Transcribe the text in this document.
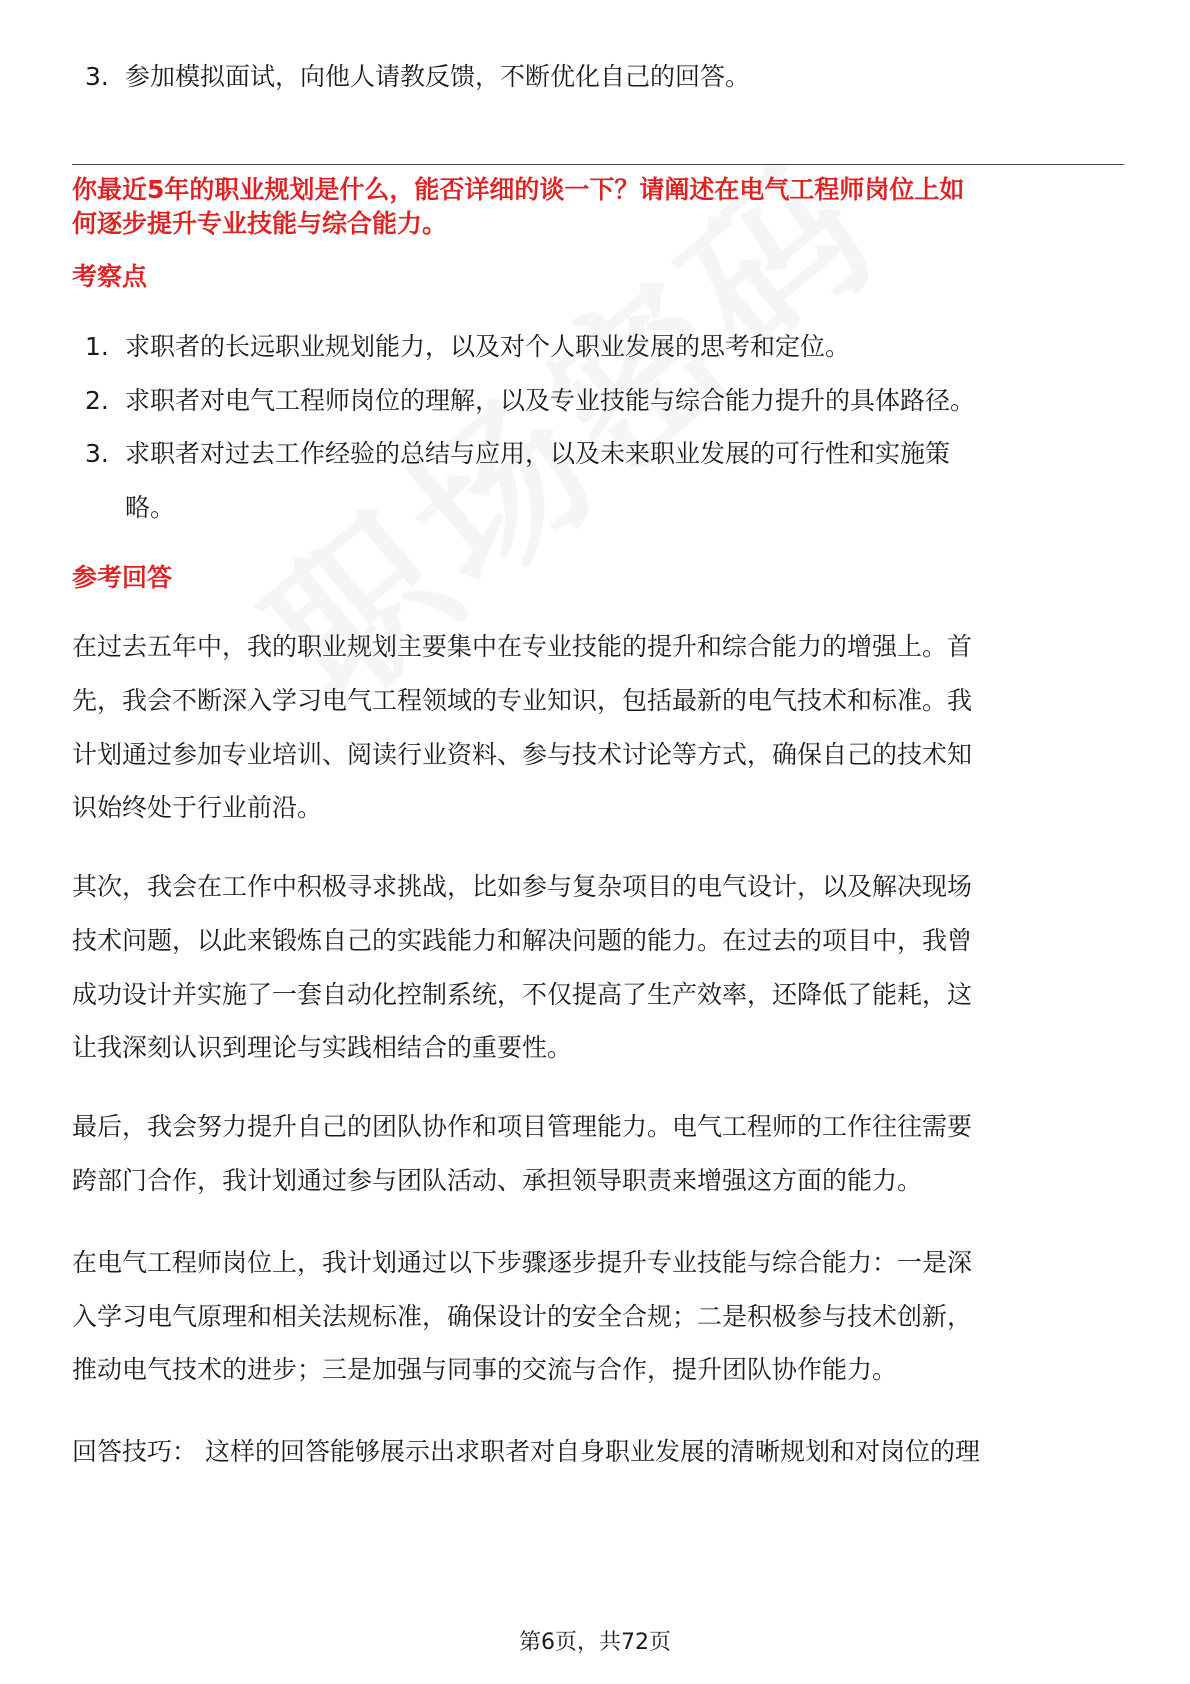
3. 参加模拟面试，向他人请教反馈，不断优化自己的回答。
你最近5年的职业规划是什么，能否详细的谈一下？请阐述在电气工程师岗位上如
何逐步提升专业技能与综合能力。
考察点
1. 求职者的长远职业规划能力，以及对个人职业发展的思考和定位。
2. 求职者对电气工程师岗位的理解，以及专业技能与综合能力提升的具体路径。
3. 求职者对过去工作经验的总结与应用，以及未来职业发展的可行性和实施策
略。
参考回答
在过去五年中，我的职业规划主要集中在专业技能的提升和综合能力的增强上。首
先，我会不断深入学习电气工程领域的专业知识，包括最新的电气技术和标准。我
计划通过参加专业培训、阅读行业资料、参与技术讨论等方式，确保自己的技术知
识始终处于行业前沿。
其次，我会在工作中积极寻求挑战，比如参与复杂项目的电气设计，以及解决现场
技术问题，以此来锻炼自己的实践能力和解决问题的能力。在过去的项目中，我曾
成功设计并实施了一套自动化控制系统，不仅提高了生产效率，还降低了能耗，这
让我深刻认识到理论与实践相结合的重要性。
最后，我会努力提升自己的团队协作和项目管理能力。电气工程师的工作往往需要
跨部门合作，我计划通过参与团队活动、承担领导职责来增强这方面的能力。
在电气工程师岗位上，我计划通过以下步骤逐步提升专业技能与综合能力：一是深
入学习电气原理和相关法规标准，确保设计的安全合规；二是积极参与技术创新，
推动电气技术的进步；三是加强与同事的交流与合作，提升团队协作能力。
回答技巧： 这样的回答能够展示出求职者对自身职业发展的清晰规划和对岗位的理
第6页，共72页
